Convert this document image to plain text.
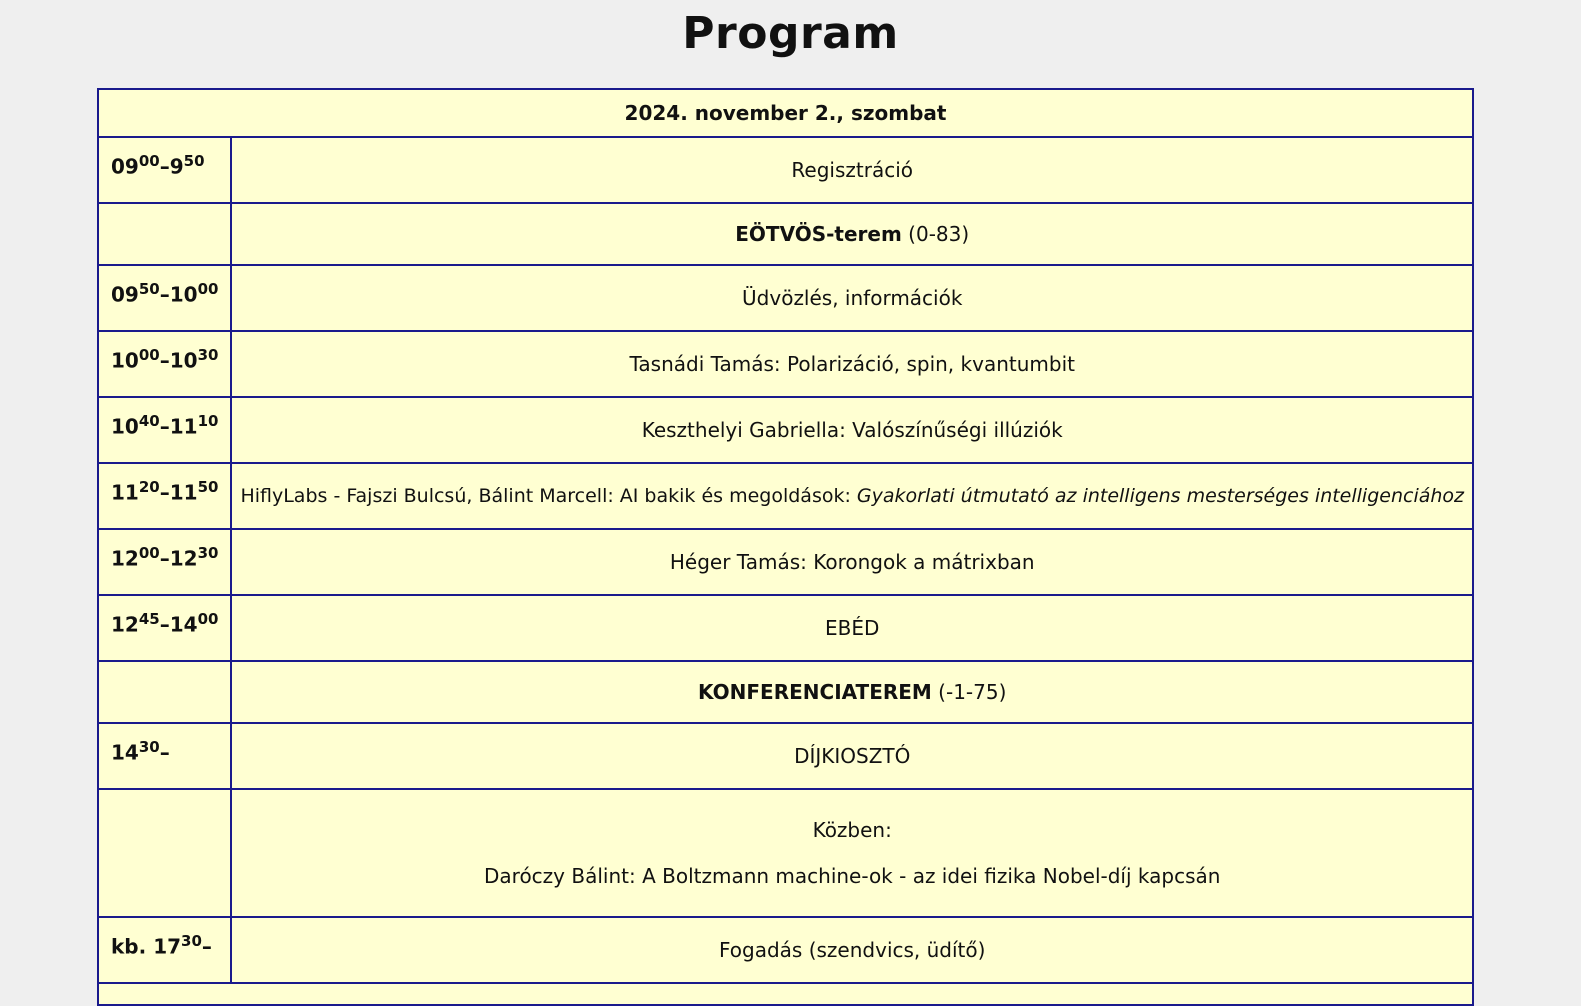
Program
2024. november 2., szombat	
$09^{00}-9^{50}$	Regisztráció
	EÖTVÖS-terem (0-83)
$09^{50}-10^{00}$	Üdvözlés, információk
$10^{00}-10^{30}$	Tasnádi Tamás: Polarizáció, spin, kvantumbit
$10^{40}-11^{10}$	Keszthelyi Gabriella: Valószínűségi illúziók
$11^{20}-11^{50}$	HiflyLabs - Fajszi Bulcsú, Bálint Marcell: AI bakik és megoldások: Gyakorlati útmutató az intelligens mesterséges intelligenciához
$12^{00}-12^{30}$	Héger Tamás: Korongok a mátrixban
$12^{45}-14^{00}$	EBÉD
	KONFERENCIATEREM (-1-75)
$14^{30}-$	DÍJKIOSZTÓ

	Közben:
Daróczy Bálint: A Boltzmann machine-ok - az idei fizika Nobel-díj kapcsán

kb. $17^{30}-$	Fogadás (szendvics, üdítő)
